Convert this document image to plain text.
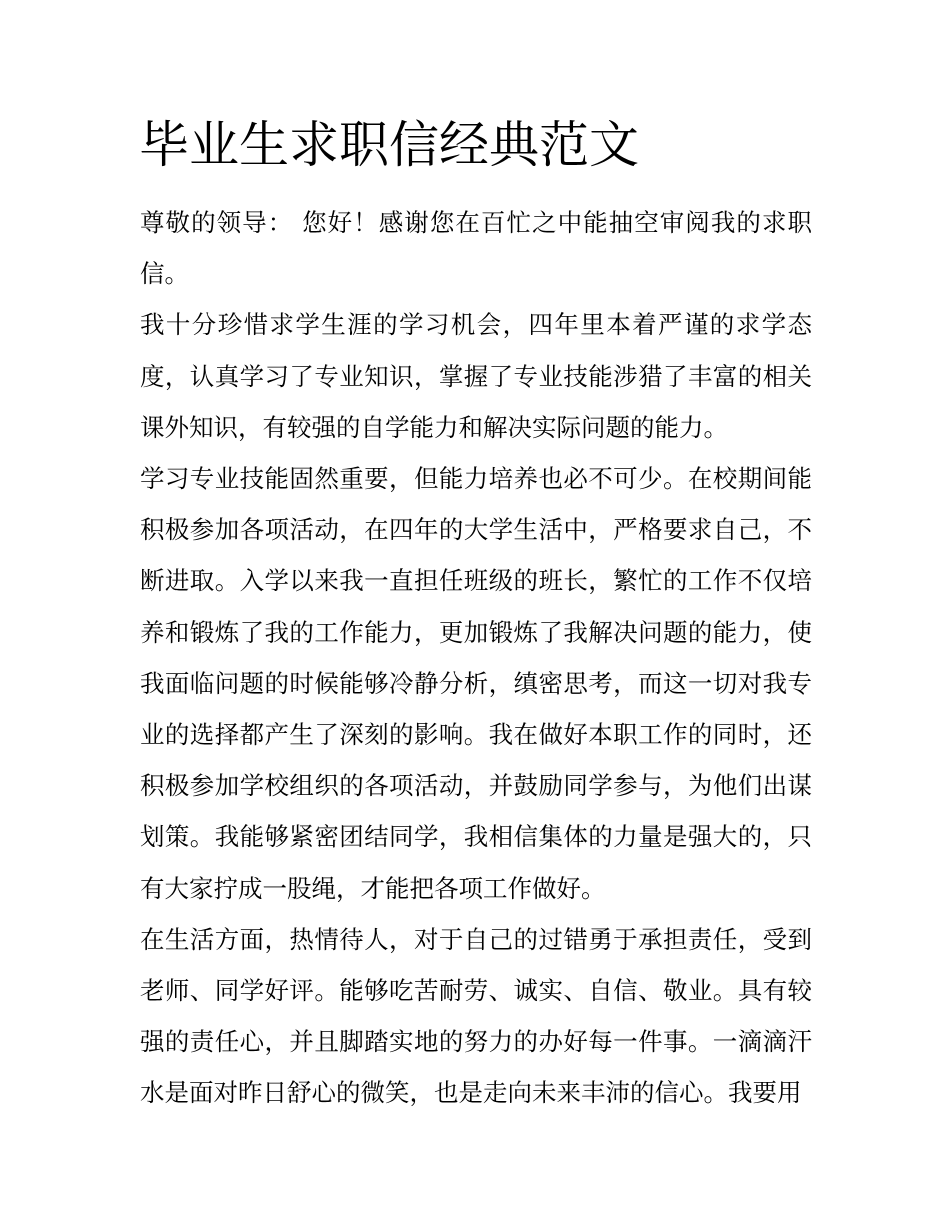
毕业生求职信经典范文

尊敬的领导： 您好！感谢您在百忙之中能抽空审阅我的求职信。

我十分珍惜求学生涯的学习机会，四年里本着严谨的求学态度，认真学习了专业知识，掌握了专业技能涉猎了丰富的相关课外知识，有较强的自学能力和解决实际问题的能力。

学习专业技能固然重要，但能力培养也必不可少。在校期间能积极参加各项活动，在四年的大学生活中，严格要求自己，不断进取。入学以来我一直担任班级的班长，繁忙的工作不仅培养和锻炼了我的工作能力，更加锻炼了我解决问题的能力，使我面临问题的时候能够冷静分析，缜密思考，而这一切对我专业的选择都产生了深刻的影响。我在做好本职工作的同时，还积极参加学校组织的各项活动，并鼓励同学参与，为他们出谋划策。我能够紧密团结同学，我相信集体的力量是强大的，只有大家拧成一股绳，才能把各项工作做好。

在生活方面，热情待人，对于自己的过错勇于承担责任，受到老师、同学好评。能够吃苦耐劳、诚实、自信、敬业。具有较强的责任心，并且脚踏实地的努力的办好每一件事。一滴滴汗水是面对昨日舒心的微笑，也是走向未来丰沛的信心。我要用
